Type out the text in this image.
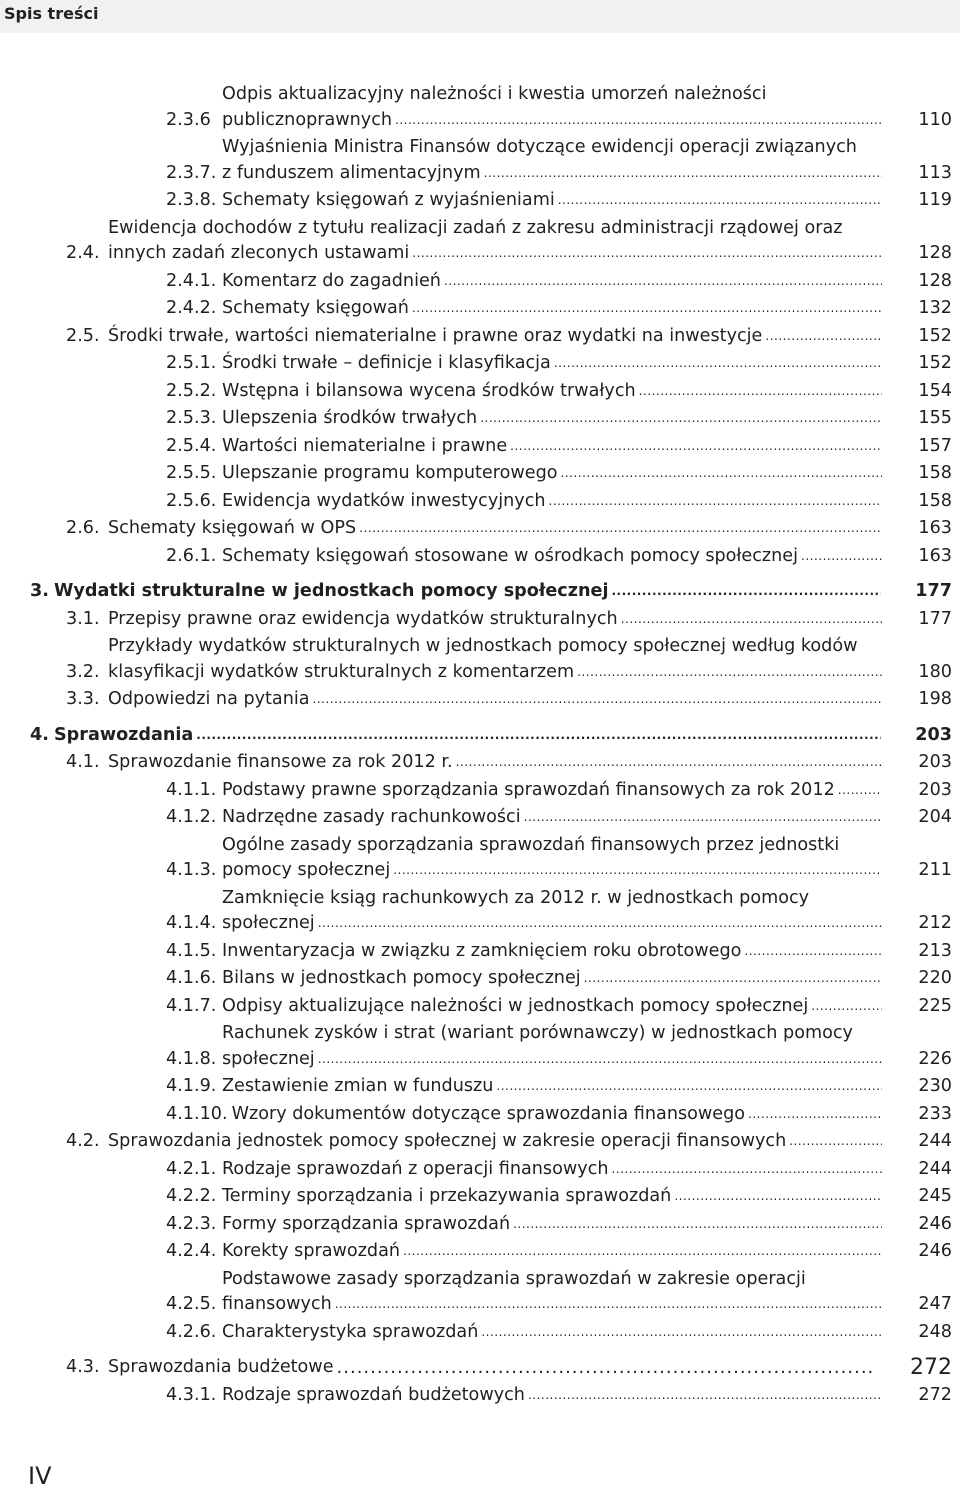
Spis treści
2.3.6
Odpis aktualizacyjny należności i kwestia umorzeń należności
publicznoprawnych .....	110
2.3.7.
Wyjaśnienia Ministra Finansów dotyczące ewidencji operacji związanych
z funduszem alimentacyjnym .....	113
2.3.8. Schematy księgowań z wyjaśnieniami .....	119
2.4.
Ewidencja dochodów z tytułu realizacji zadań z zakresu administracji rządowej oraz
innych zadań zleconych ustawami .....	128
2.4.1. Komentarz do zagadnień .....	128
2.4.2. Schematy księgowań .....	132
2.5. Środki trwałe, wartości niematerialne i prawne oraz wydatki na inwestycje .....	152
2.5.1. Środki trwałe – definicje i klasyfikacja .....	152
2.5.2. Wstępna i bilansowa wycena środków trwałych .....	154
2.5.3. Ulepszenia środków trwałych .....	155
2.5.4. Wartości niematerialne i prawne .....	157
2.5.5. Ulepszanie programu komputerowego .....	158
2.5.6. Ewidencja wydatków inwestycyjnych .....	158
2.6. Schematy księgowań w OPS .....	163
2.6.1. Schematy księgowań stosowane w ośrodkach pomocy społecznej .....	163
3. Wydatki strukturalne w jednostkach pomocy społecznej .....	177
3.1. Przepisy prawne oraz ewidencja wydatków strukturalnych .....	177
3.2.
Przykłady wydatków strukturalnych w jednostkach pomocy społecznej według kodów
klasyfikacji wydatków strukturalnych z komentarzem .....	180
3.3. Odpowiedzi na pytania .....	198
4. Sprawozdania .....	203
4.1. Sprawozdanie finansowe za rok 2012 r. .....	203
4.1.1. Podstawy prawne sporządzania sprawozdań finansowych za rok 2012 .....	203
4.1.2. Nadrzędne zasady rachunkowości .....	204
4.1.3.
Ogólne zasady sporządzania sprawozdań finansowych przez jednostki
pomocy społecznej .....	211
4.1.4.
Zamknięcie ksiąg rachunkowych za 2012 r. w jednostkach pomocy
społecznej .....	212
4.1.5. Inwentaryzacja w związku z zamknięciem roku obrotowego .....	213
4.1.6. Bilans w jednostkach pomocy społecznej .....	220
4.1.7. Odpisy aktualizujące należności w jednostkach pomocy społecznej .....	225
4.1.8.
Rachunek zysków i strat (wariant porównawczy) w jednostkach pomocy
społecznej .....	226
4.1.9. Zestawienie zmian w funduszu .....	230
4.1.10. Wzory dokumentów dotyczące sprawozdania finansowego .....	233
4.2. Sprawozdania jednostek pomocy społecznej w zakresie operacji finansowych .....	244
4.2.1. Rodzaje sprawozdań z operacji finansowych .....	244
4.2.2. Terminy sporządzania i przekazywania sprawozdań .....	245
4.2.3. Formy sporządzania sprawozdań .....	246
4.2.4. Korekty sprawozdań .....	246
4.2.5.
Podstawowe zasady sporządzania sprawozdań w zakresie operacji
finansowych .....	247
4.2.6. Charakterystyka sprawozdań .....	248
4.3. Sprawozdania budżetowe .....	272
4.3.1. Rodzaje sprawozdań budżetowych .....	272
IV
